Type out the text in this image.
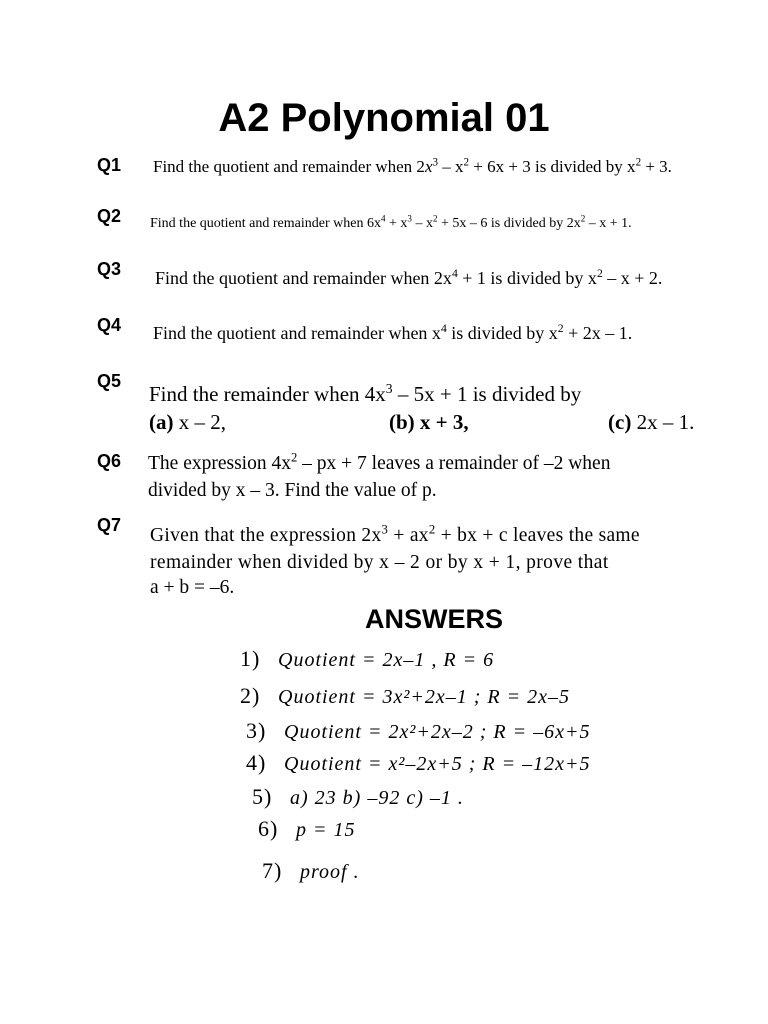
A2 Polynomial 01
Q1 Find the quotient and remainder when $2x^3 - x^2 + 6x + 3$ is divided by $x^2 + 3$.
Q2 Find the quotient and remainder when $6x^4 + x^3 - x^2 + 5x - 6$ is divided by $2x^2 - x + 1$.
Q3 Find the quotient and remainder when $2x^4 + 1$ is divided by $x^2 - x + 2$.
Q4 Find the quotient and remainder when $x^4$ is divided by $x^2 + 2x - 1$.
Q5
Find the remainder when $4x^3 - 5x + 1$ is divided by
(a) x – 2,	(b) x + 3,	(c) 2x – 1.
Q6 The expression $4x^2$ – px + 7 leaves a remainder of –2 when
divided by x – 3. Find the value of p.
Q7 Given that the expression $2x^3 + ax^2$ + bx + c leaves the same
remainder when divided by x – 2 or by x + 1, prove that
a + b = –6.
ANSWERS
1) Quotient = 2x–1 , R = 6
2) Quotient = 3x²+2x–1 ; R = 2x–5
3) Quotient = 2x²+2x–2 ; R = –6x+5
4) Quotient = x²–2x+5 ; R = –12x+5
5) a) 23 b) –92 c) –1 .
6) p = 15
7) proof .
